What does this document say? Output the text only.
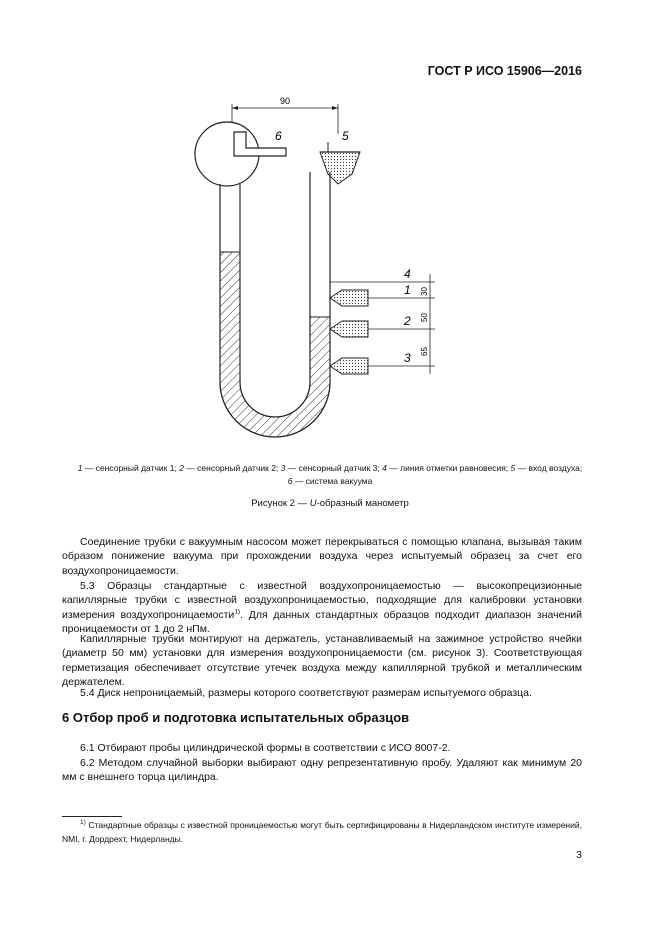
ГОСТ Р ИСО 15906—2016
90
6	5
4
1
2
3
30
50
65
1 — сенсорный датчик 1; 2 — сенсорный датчик 2; 3 — сенсорный датчик 3; 4 — линия отметки равновесия; 5 — вход воздуха;
6 — система вакуума
Рисунок 2 — U-образный манометр
Соединение трубки с вакуумным насосом может перекрываться с помощью клапана, вызывая таким образом понижение вакуума при прохождении воздуха через испытуемый образец за счет его воздухопроницаемости.
5.3 Образцы стандартные с известной воздухопроницаемостью — высокопрецизионные капиллярные трубки с известной воздухопроницаемостью, подходящие для калибровки установки измерения воздухопроницаемости$^{1)}$. Для данных стандартных образцов подходит диапазон значений проницаемости от 1 до 2 нПм.
Капиллярные трубки монтируют на держатель, устанавливаемый на зажимное устройство ячейки (диаметр 50 мм) установки для измерения воздухопроницаемости (см. рисунок 3). Соответствующая герметизация обеспечивает отсутствие утечек воздуха между капиллярной трубкой и металлическим держателем.
5.4 Диск непроницаемый, размеры которого соответствуют размерам испытуемого образца.
6 Отбор проб и подготовка испытательных образцов
6.1 Отбирают пробы цилиндрической формы в соответствии с ИСО 8007-2.
6.2 Методом случайной выборки выбирают одну репрезентативную пробу. Удаляют как минимум 20 мм с внешнего торца цилиндра.
$^{1)}$ Стандартные образцы с известной проницаемостью могут быть сертифицированы в Нидерландском институте измерений, NMI, г. Дордрехт, Нидерланды.
3
